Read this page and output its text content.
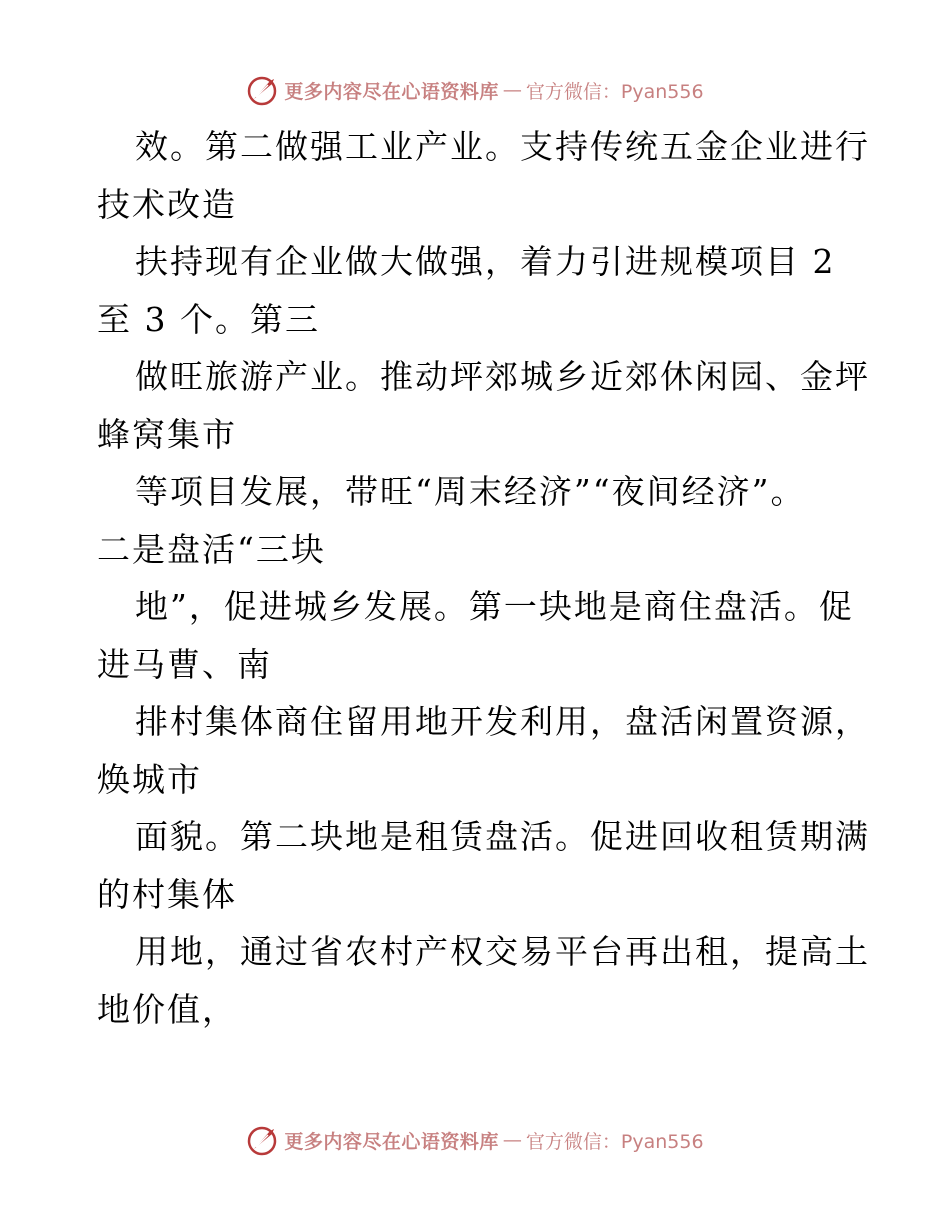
更多内容尽在心语资料库 — 官方微信：Pyan556
效。第二做强工业产业。支持传统五金企业进行
技术改造
扶持现有企业做大做强，着力引进规模项目 2
至 3 个。第三
做旺旅游产业。推动坪郊城乡近郊休闲园、金坪
蜂窝集市
等项目发展，带旺“周末经济”“夜间经济”。
二是盘活“三块
地”，促进城乡发展。第一块地是商住盘活。促
进马曹、南
排村集体商住留用地开发利用，盘活闲置资源，
焕城市
面貌。第二块地是租赁盘活。促进回收租赁期满
的村集体
用地，通过省农村产权交易平台再出租，提高土
地价值，
更多内容尽在心语资料库 — 官方微信：Pyan556
